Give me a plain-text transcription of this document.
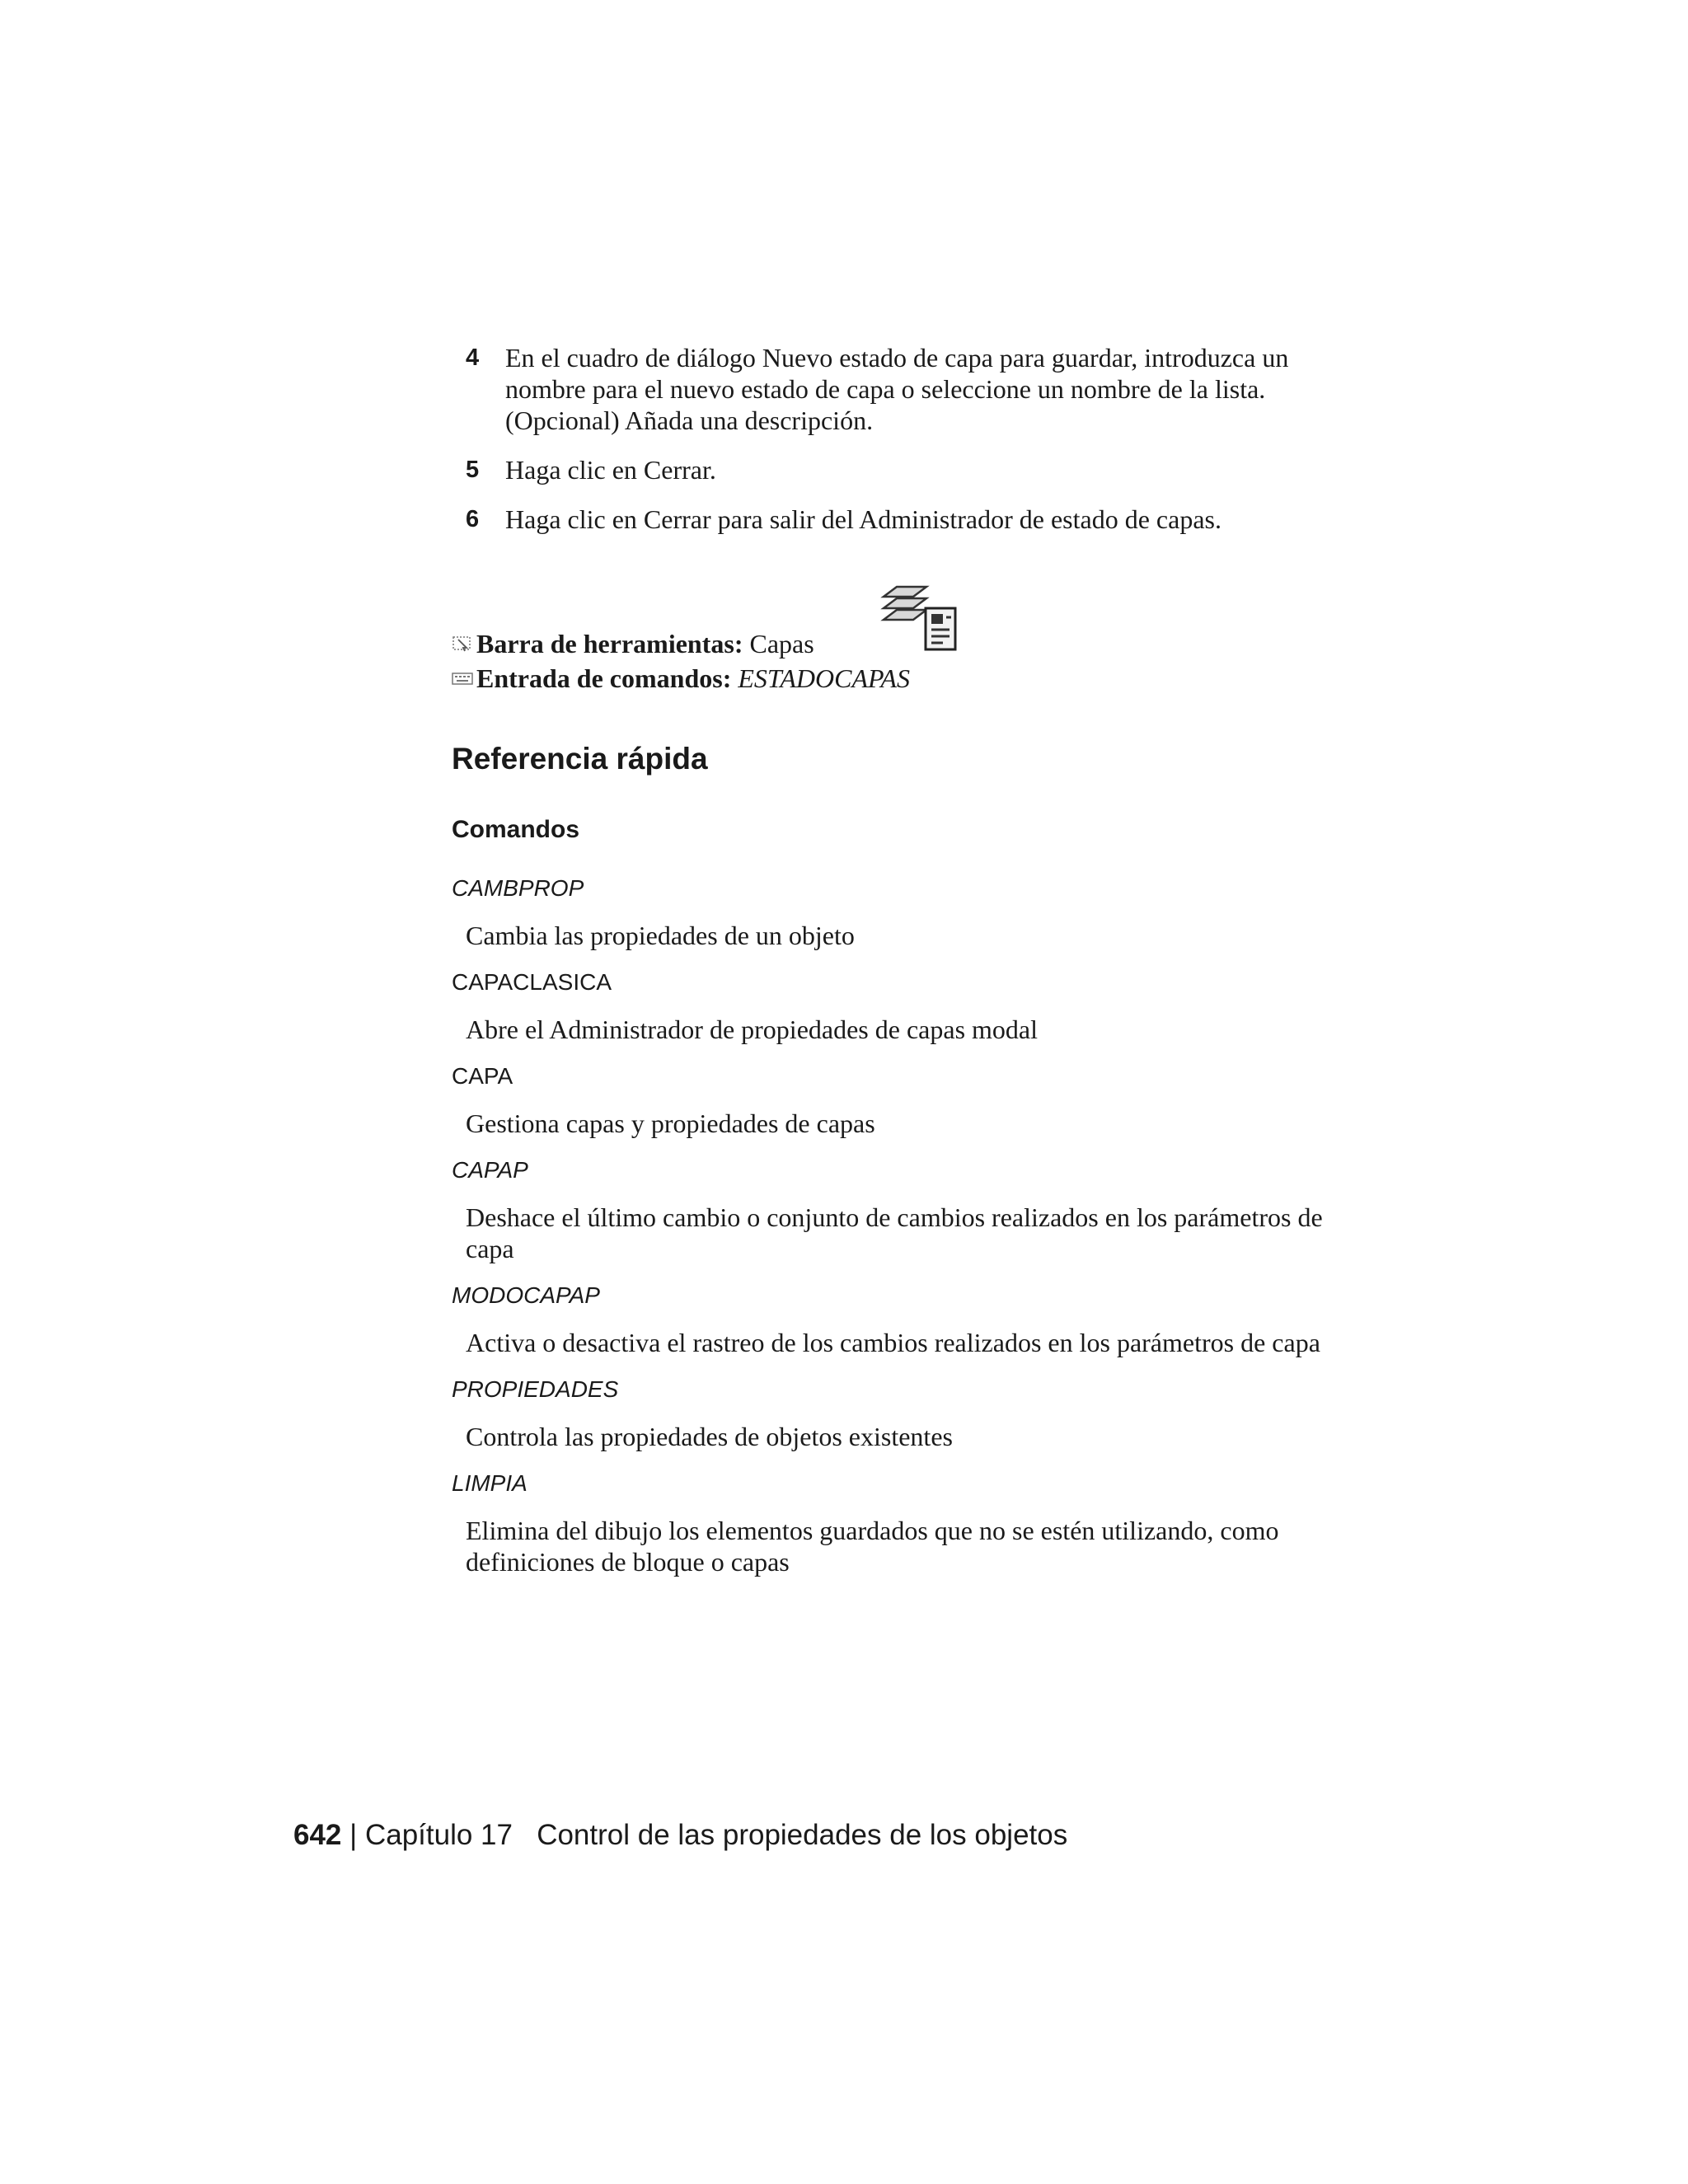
4 En el cuadro de diálogo Nuevo estado de capa para guardar, introduzca un nombre para el nuevo estado de capa o seleccione un nombre de la lista. (Opcional) Añada una descripción.
5 Haga clic en Cerrar.
6 Haga clic en Cerrar para salir del Administrador de estado de capas.
Barra de herramientas: Capas
Entrada de comandos: ESTADOCAPAS
Referencia rápida
Comandos

CAMBPROP

Cambia las propiedades de un objeto

CAPACLASICA

Abre el Administrador de propiedades de capas modal

CAPA

Gestiona capas y propiedades de capas

CAPAP

Deshace el último cambio o conjunto de cambios realizados en los parámetros de capa

MODOCAPAP

Activa o desactiva el rastreo de los cambios realizados en los parámetros de capa

PROPIEDADES

Controla las propiedades de objetos existentes

LIMPIA

Elimina del dibujo los elementos guardados que no se estén utilizando, como definiciones de bloque o capas

642 | Capítulo 17 Control de las propiedades de los objetos
